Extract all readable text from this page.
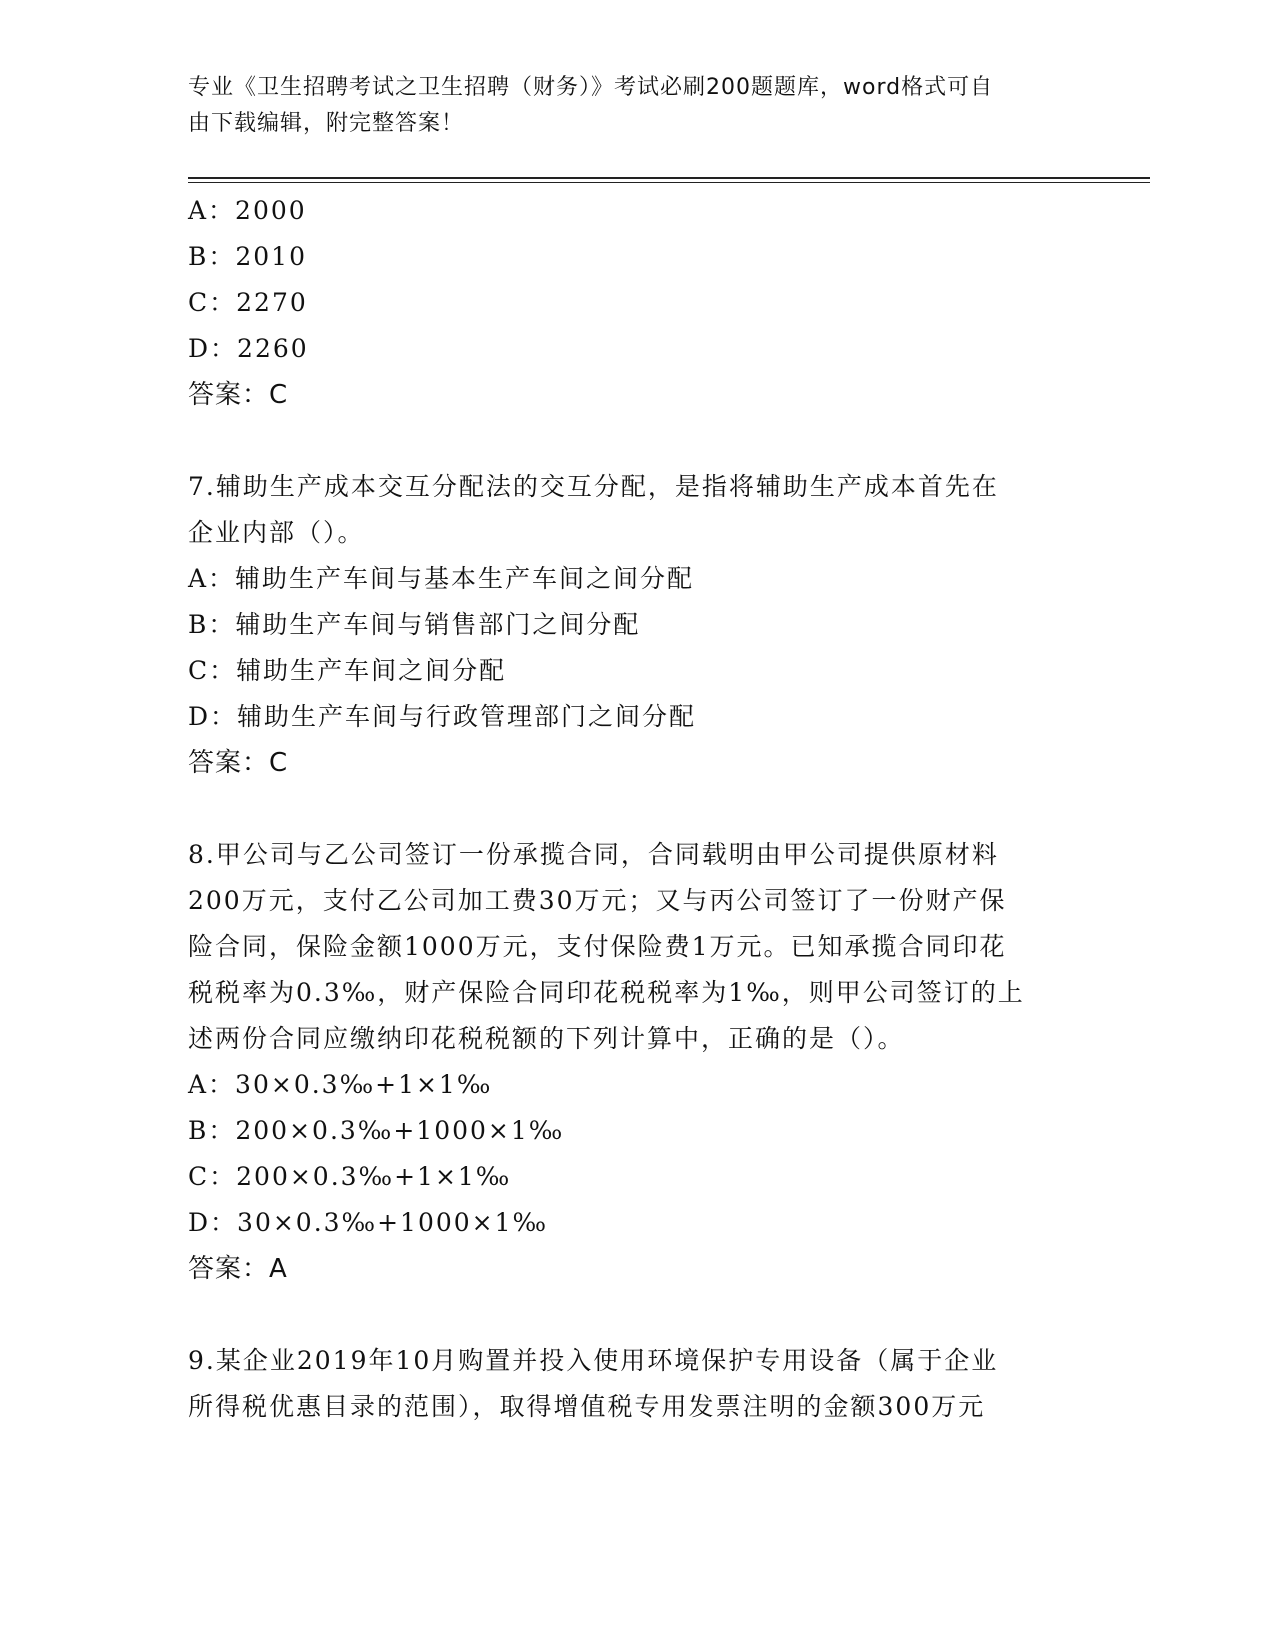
专业《卫生招聘考试之卫生招聘（财务）》考试必刷200题题库，word格式可自
由下载编辑，附完整答案！
A：2000
B：2010
C：2270
D：2260
答案：C
7.辅助生产成本交互分配法的交互分配，是指将辅助生产成本首先在
企业内部（）。
A：辅助生产车间与基本生产车间之间分配
B：辅助生产车间与销售部门之间分配
C：辅助生产车间之间分配
D：辅助生产车间与行政管理部门之间分配
答案：C
8.甲公司与乙公司签订一份承揽合同，合同载明由甲公司提供原材料
200万元，支付乙公司加工费30万元；又与丙公司签订了一份财产保
险合同，保险金额1000万元，支付保险费1万元。已知承揽合同印花
税税率为0.3‰，财产保险合同印花税税率为1‰，则甲公司签订的上
述两份合同应缴纳印花税税额的下列计算中，正确的是（）。
A：30×0.3‰+1×1‰
B：200×0.3‰+1000×1‰
C：200×0.3‰+1×1‰
D：30×0.3‰+1000×1‰
答案：A
9.某企业2019年10月购置并投入使用环境保护专用设备（属于企业
所得税优惠目录的范围），取得增值税专用发票注明的金额300万元
